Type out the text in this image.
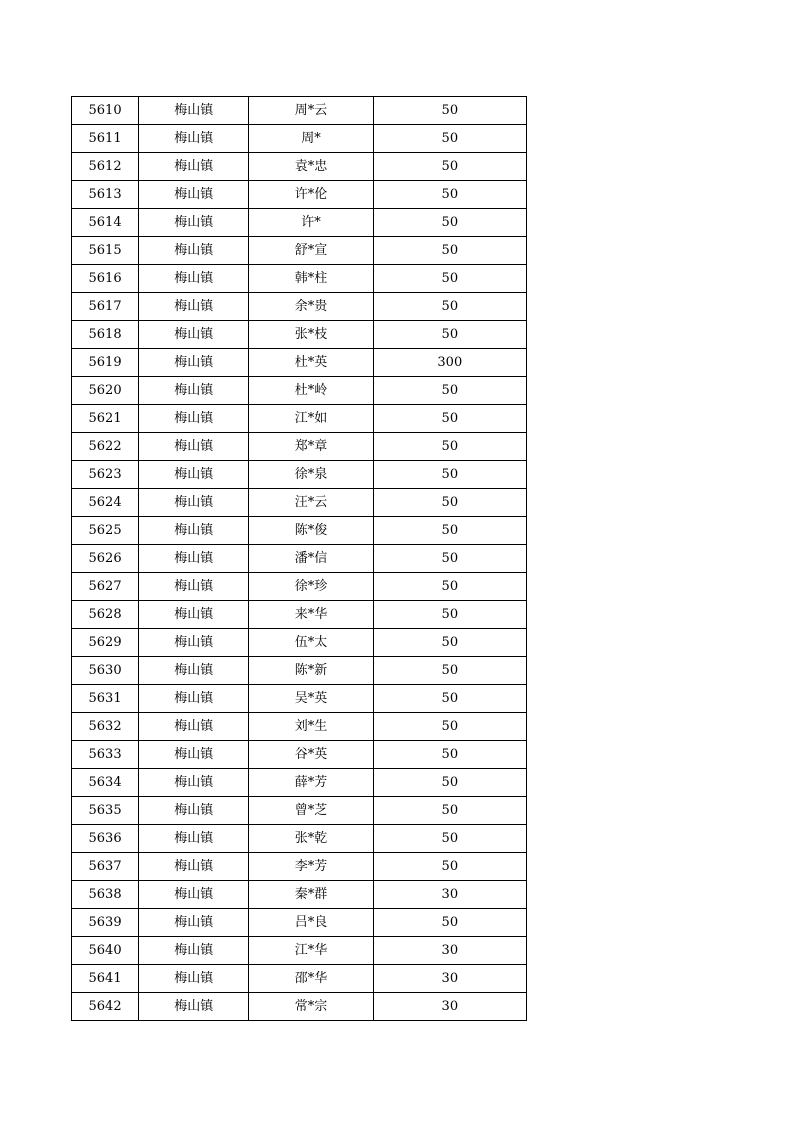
5610	梅山镇	周*云	50
5611	梅山镇	周*	50
5612	梅山镇	袁*忠	50
5613	梅山镇	许*伦	50
5614	梅山镇	许*	50
5615	梅山镇	舒*宣	50
5616	梅山镇	韩*柱	50
5617	梅山镇	余*贵	50
5618	梅山镇	张*枝	50
5619	梅山镇	杜*英	300
5620	梅山镇	杜*岭	50
5621	梅山镇	江*如	50
5622	梅山镇	郑*章	50
5623	梅山镇	徐*泉	50
5624	梅山镇	汪*云	50
5625	梅山镇	陈*俊	50
5626	梅山镇	潘*信	50
5627	梅山镇	徐*珍	50
5628	梅山镇	来*华	50
5629	梅山镇	伍*太	50
5630	梅山镇	陈*新	50
5631	梅山镇	吴*英	50
5632	梅山镇	刘*生	50
5633	梅山镇	谷*英	50
5634	梅山镇	薛*芳	50
5635	梅山镇	曾*芝	50
5636	梅山镇	张*乾	50
5637	梅山镇	李*芳	50
5638	梅山镇	秦*群	30
5639	梅山镇	吕*良	50
5640	梅山镇	江*华	30
5641	梅山镇	邵*华	30
5642	梅山镇	常*宗	30
